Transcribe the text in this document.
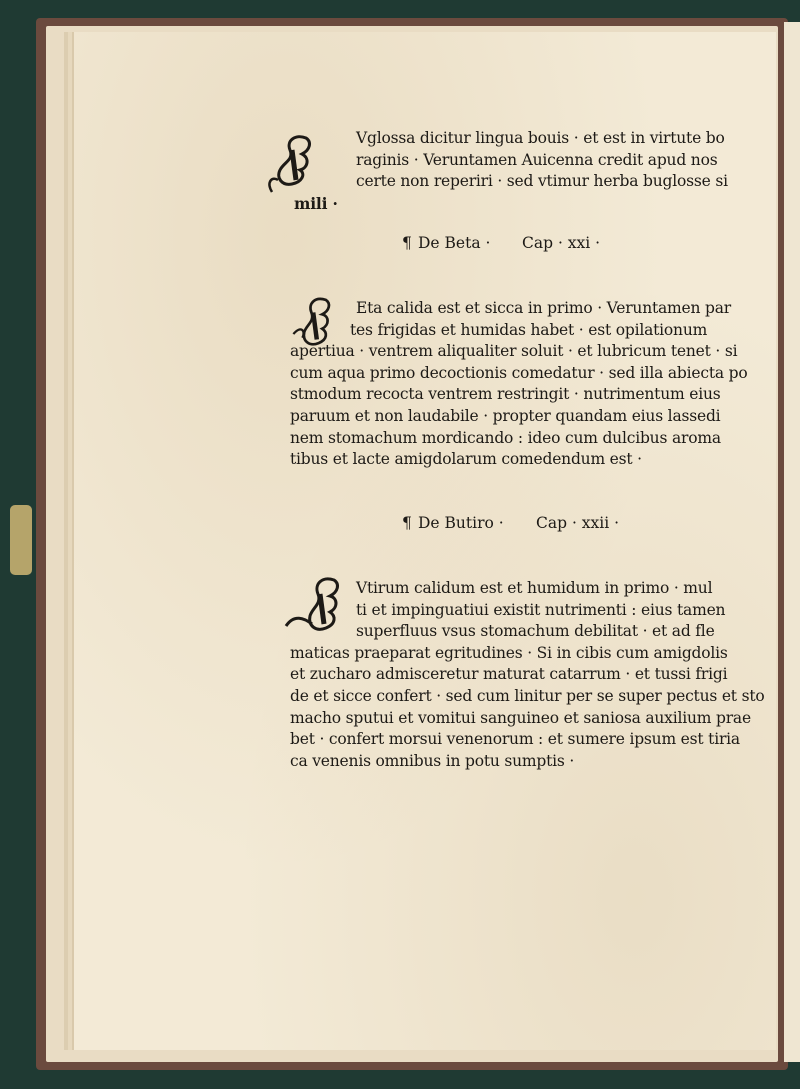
Vglossa dicitur lingua bouis · et est in virtute bo
raginis · Veruntamen Auicenna credit apud nos
certe non reperiri · sed vtimur herba buglosse si
mili ·
¶ De Beta · Cap · xxi ·
Eta calida est et sicca in primo · Veruntamen par
tes frigidas et humidas habet · est opilationum
apertiua · ventrem aliqualiter soluit · et lubricum tenet · si
cum aqua primo decoctionis comedatur · sed illa abiecta po
stmodum recocta ventrem restringit · nutrimentum eius
paruum et non laudabile · propter quandam eius lassedi
nem stomachum mordicando : ideo cum dulcibus aroma
tibus et lacte amigdolarum comedendum est ·
¶ De Butiro · Cap · xxii ·
Vtirum calidum est et humidum in primo · mul
ti et impinguatiui existit nutrimenti : eius tamen
superfluus vsus stomachum debilitat · et ad fle
maticas praeparat egritudines · Si in cibis cum amigdolis
et zucharo admisceretur maturat catarrum · et tussi frigi
de et sicce confert · sed cum linitur per se super pectus et sto
macho sputui et vomitui sanguineo et saniosa auxilium prae
bet · confert morsui venenorum : et sumere ipsum est tiria
ca venenis omnibus in potu sumptis ·
